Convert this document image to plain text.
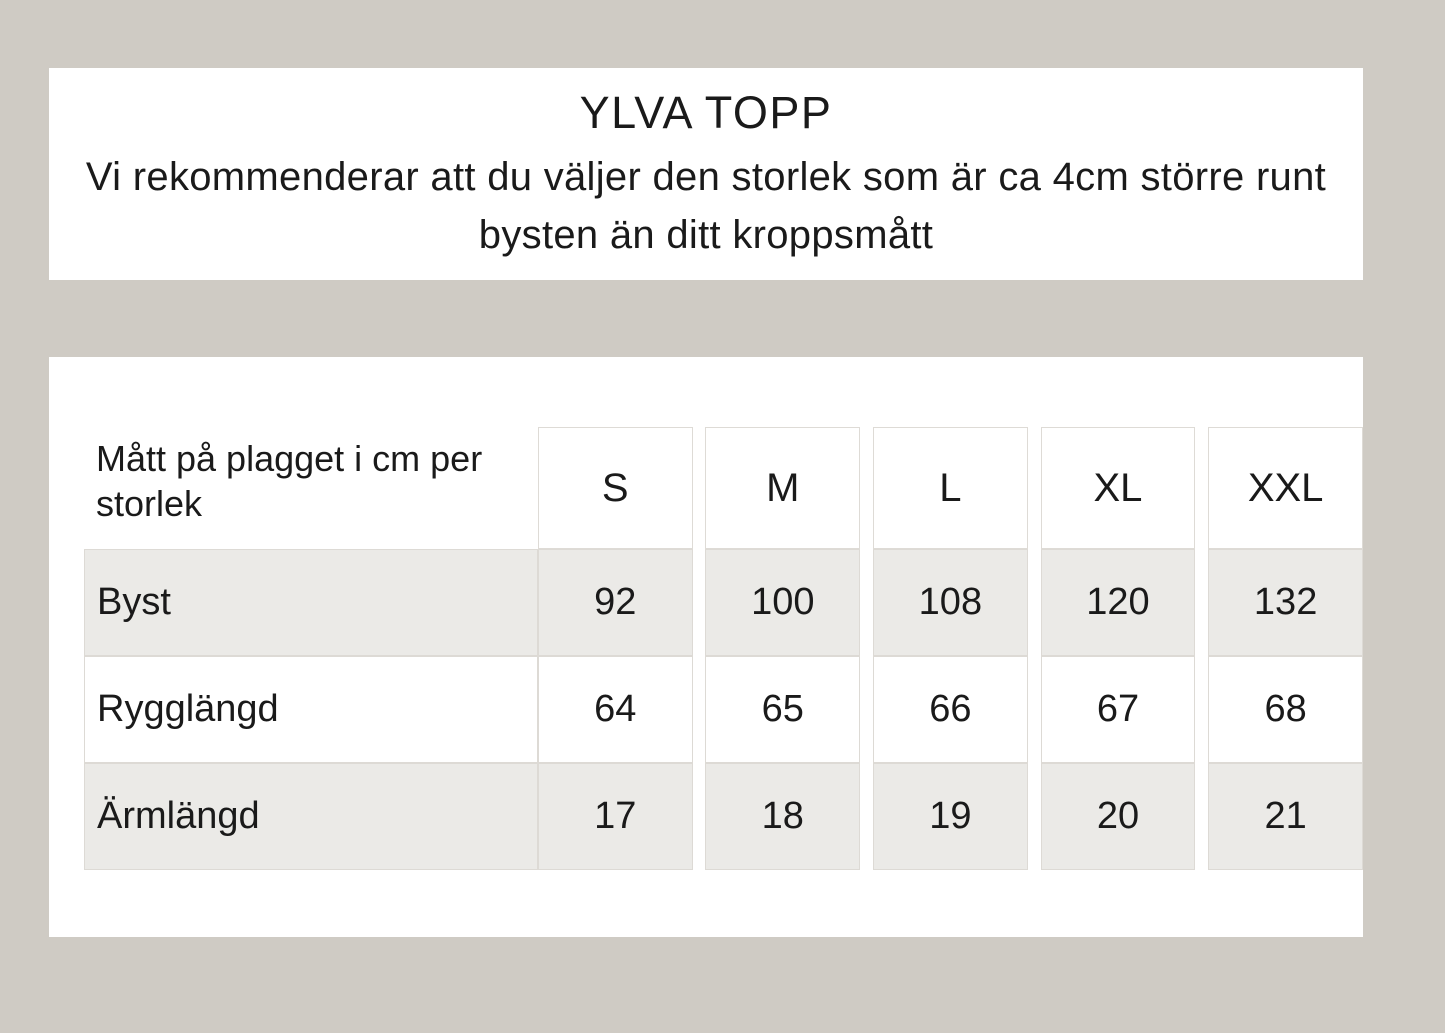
YLVA TOPP
Vi rekommenderar att du väljer den storlek som är ca 4cm större runt bysten än ditt kroppsmått
Mått på plagget i cm per storlek	S		M		L		XL		XXL
Byst	92		100		108		120		132
Rygglängd	64		65		66		67		68
Ärmlängd	17		18		19		20		21
